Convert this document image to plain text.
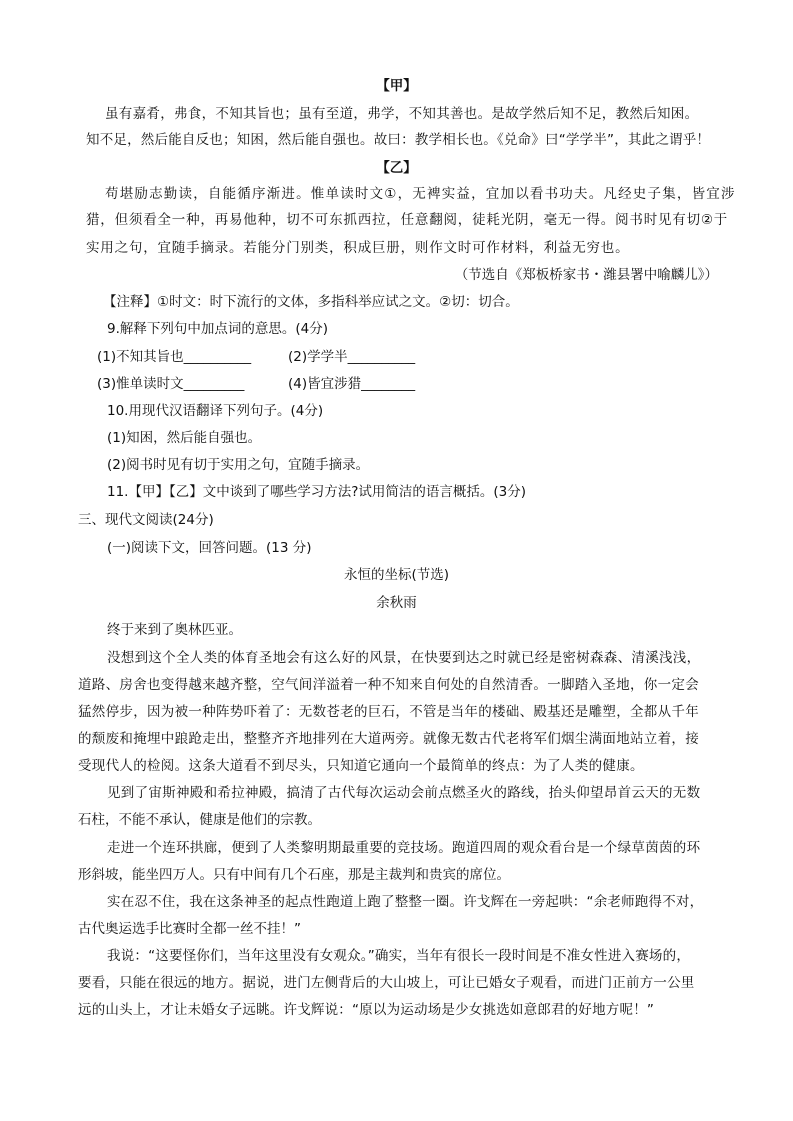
【甲】
虽有嘉肴，弗食，不知其旨也；虽有至道，弗学，不知其善也。是故学然后知不足，教然后知困。
知不足，然后能自反也；知困，然后能自强也。故曰：教学相长也。《兑命》曰“学学半”，其此之谓乎！
【乙】
苟堪励志勤读，自能循序渐进。惟单读时文①，无裨实益，宜加以看书功夫。凡经史子集，皆宜涉
猎，但须看全一种，再易他种，切不可东抓西拉，任意翻阅，徒耗光阴，毫无一得。阅书时见有切②于
实用之句，宜随手摘录。若能分门别类，积成巨册，则作文时可作材料，利益无穷也。
（节选自《郑板桥家书・潍县署中喻麟儿》）
【注释】①时文：时下流行的文体，多指科举应试之文。②切：切合。
9.解释下列句中加点词的意思。(4分)
(1)不知其旨也__________	(2)学学半__________
(3)惟单读时文_________	(4)皆宜涉猎________
10.用现代汉语翻译下列句子。(4分)
(1)知困，然后能自强也。
(2)阅书时见有切于实用之句，宜随手摘录。
11.【甲】【乙】文中谈到了哪些学习方法?试用简洁的语言概括。(3分)
三、现代文阅读(24分)
(一)阅读下文，回答问题。(13 分)
永恒的坐标(节选)
余秋雨
终于来到了奥林匹亚。
没想到这个全人类的体育圣地会有这么好的风景，在快要到达之时就已经是密树森森、清溪浅浅，
道路、房舍也变得越来越齐整，空气间洋溢着一种不知来自何处的自然清香。一脚踏入圣地，你一定会
猛然停步，因为被一种阵势吓着了：无数苍老的巨石，不管是当年的楼础、殿基还是雕塑，全都从千年
的颓废和掩埋中踉跄走出，整整齐齐地排列在大道两旁。就像无数古代老将军们烟尘满面地站立着，接
受现代人的检阅。这条大道看不到尽头，只知道它通向一个最简单的终点：为了人类的健康。
见到了宙斯神殿和希拉神殿，搞清了古代每次运动会前点燃圣火的路线，抬头仰望昂首云天的无数
石柱，不能不承认，健康是他们的宗教。
走进一个连环拱廊，便到了人类黎明期最重要的竞技场。跑道四周的观众看台是一个绿草茵茵的环
形斜坡，能坐四万人。只有中间有几个石座，那是主裁判和贵宾的席位。
实在忍不住，我在这条神圣的起点性跑道上跑了整整一圈。许戈辉在一旁起哄：“余老师跑得不对，
古代奥运选手比赛时全都一丝不挂！”
我说：“这要怪你们，当年这里没有女观众。”确实，当年有很长一段时间是不准女性进入赛场的，
要看，只能在很远的地方。据说，进门左侧背后的大山坡上，可让已婚女子观看，而进门正前方一公里
远的山头上，才让未婚女子远眺。许戈辉说：“原以为运动场是少女挑选如意郎君的好地方呢！”
